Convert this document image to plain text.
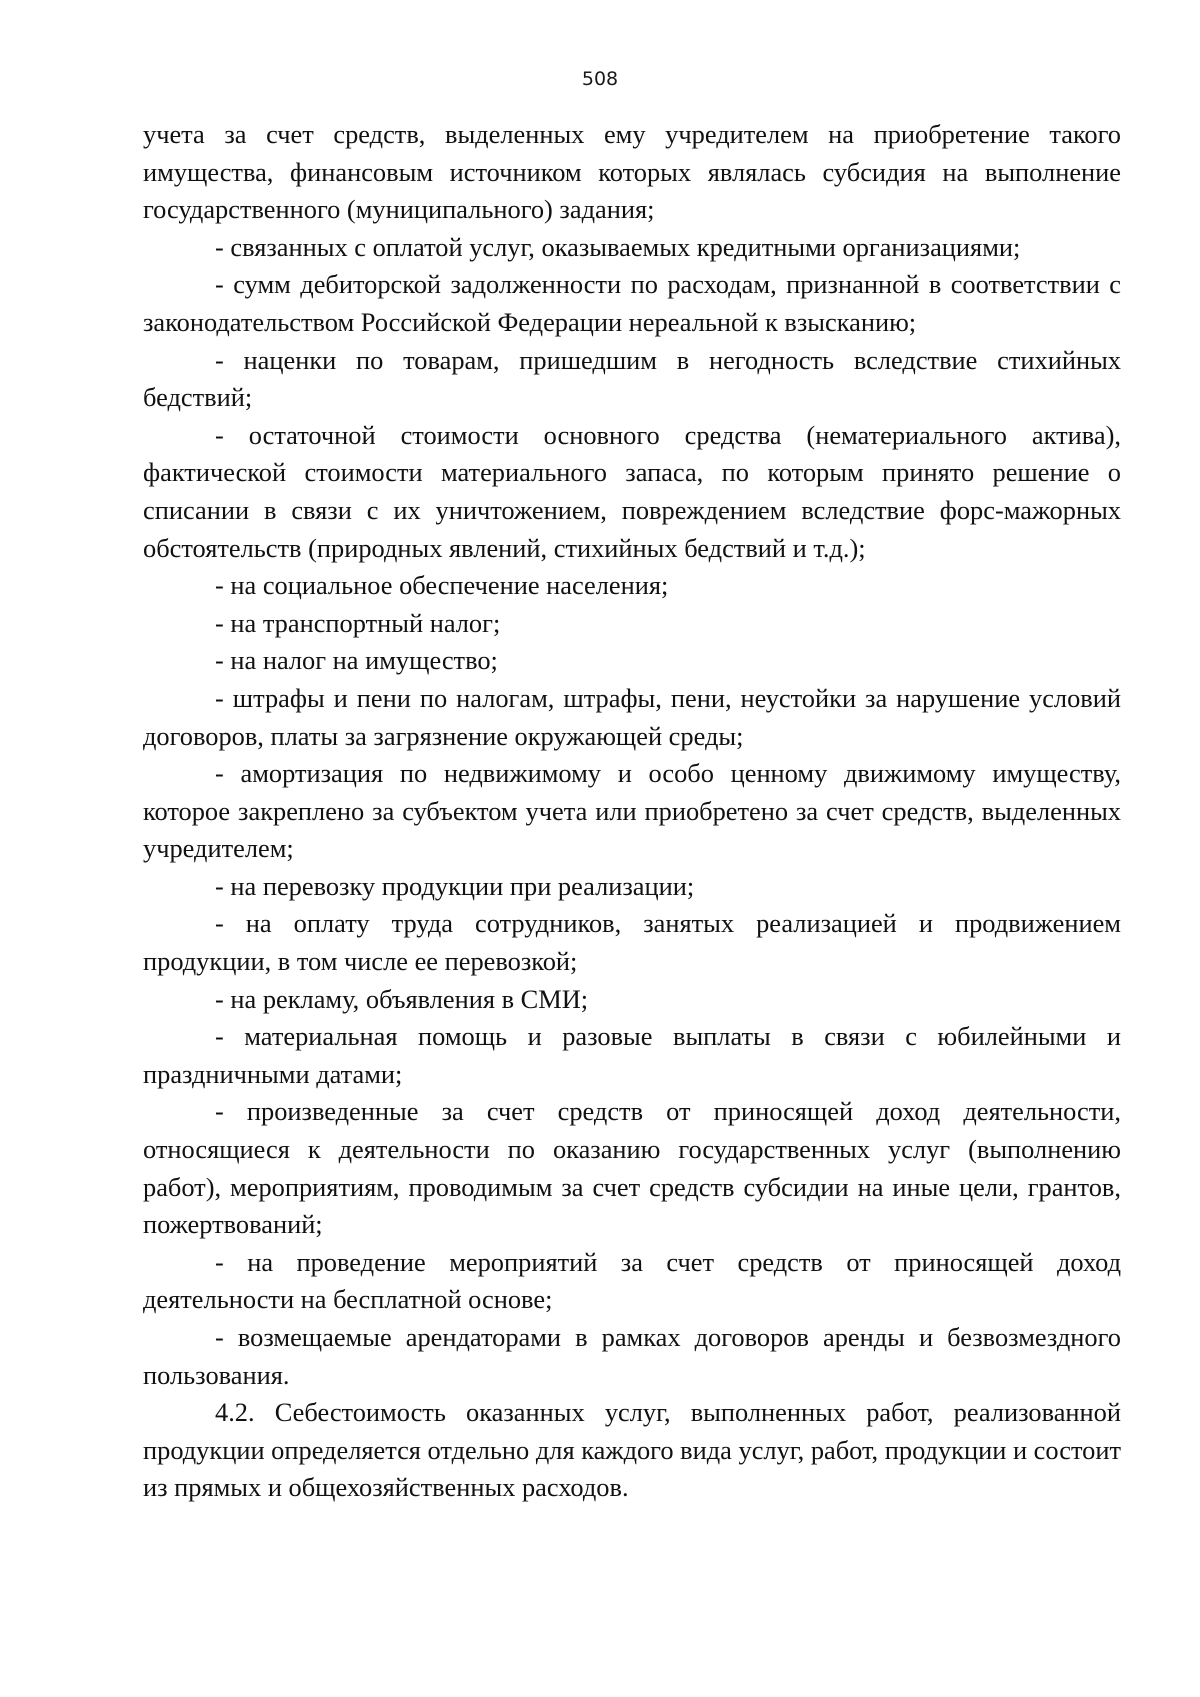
508

учета за счет средств, выделенных ему учредителем на приобретение такого имущества, финансовым источником которых являлась субсидия на выполнение государственного (муниципального) задания;

- связанных с оплатой услуг, оказываемых кредитными организациями;

- сумм дебиторской задолженности по расходам, признанной в соответствии с законодательством Российской Федерации нереальной к взысканию;

- наценки по товарам, пришедшим в негодность вследствие стихийных бедствий;

- остаточной стоимости основного средства (нематериального актива), фактической стоимости материального запаса, по которым принято решение о списании в связи с их уничтожением, повреждением вследствие форс-мажорных обстоятельств (природных явлений, стихийных бедствий и т.д.);

- на социальное обеспечение населения;

- на транспортный налог;

- на налог на имущество;

- штрафы и пени по налогам, штрафы, пени, неустойки за нарушение условий договоров, платы за загрязнение окружающей среды;

- амортизация по недвижимому и особо ценному движимому имуществу, которое закреплено за субъектом учета или приобретено за счет средств, выделенных учредителем;

- на перевозку продукции при реализации;

- на оплату труда сотрудников, занятых реализацией и продвижением продукции, в том числе ее перевозкой;

- на рекламу, объявления в СМИ;

- материальная помощь и разовые выплаты в связи с юбилейными и праздничными датами;

- произведенные за счет средств от приносящей доход деятельности, относящиеся к деятельности по оказанию государственных услуг (выполнению работ), мероприятиям, проводимым за счет средств субсидии на иные цели, грантов, пожертвований;

- на проведение мероприятий за счет средств от приносящей доход деятельности на бесплатной основе;

- возмещаемые арендаторами в рамках договоров аренды и безвозмездного пользования.

4.2. Себестоимость оказанных услуг, выполненных работ, реализованной продукции определяется отдельно для каждого вида услуг, работ, продукции и состоит из прямых и общехозяйственных расходов.
